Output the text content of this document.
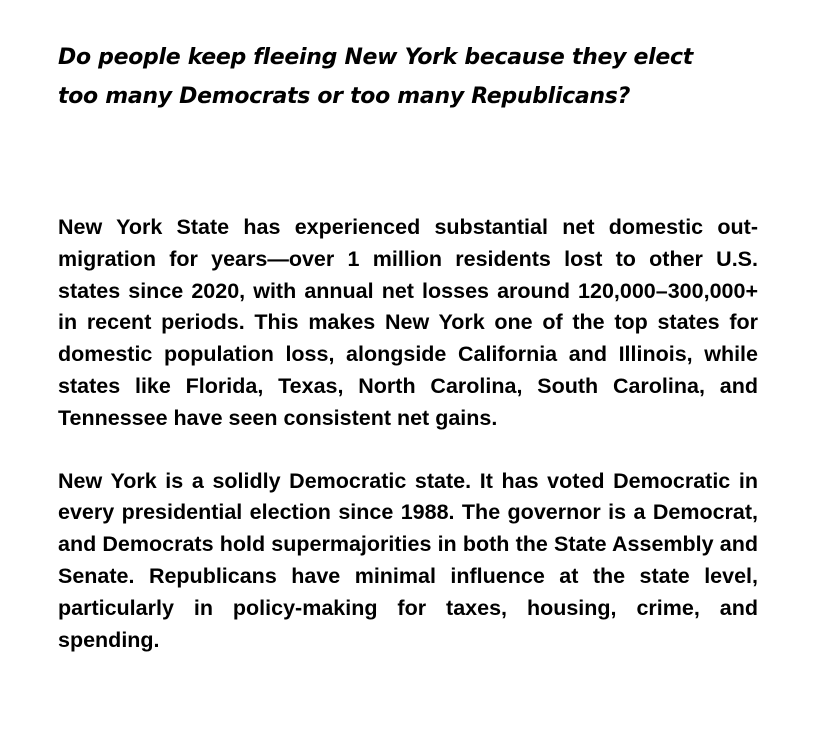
Do people keep fleeing New York because they elect too many Democrats or too many Republicans?

New York State has experienced substantial net domestic out-migration for years—over 1 million residents lost to other U.S. states since 2020, with annual net losses around 120,000–300,000+ in recent periods. This makes New York one of the top states for domestic population loss, alongside California and Illinois, while states like Florida, Texas, North Carolina, South Carolina, and Tennessee have seen consistent net gains.

New York is a solidly Democratic state. It has voted Democratic in every presidential election since 1988. The governor is a Democrat, and Democrats hold supermajorities in both the State Assembly and Senate. Republicans have minimal influence at the state level, particularly in policy-making for taxes, housing, crime, and spending.
